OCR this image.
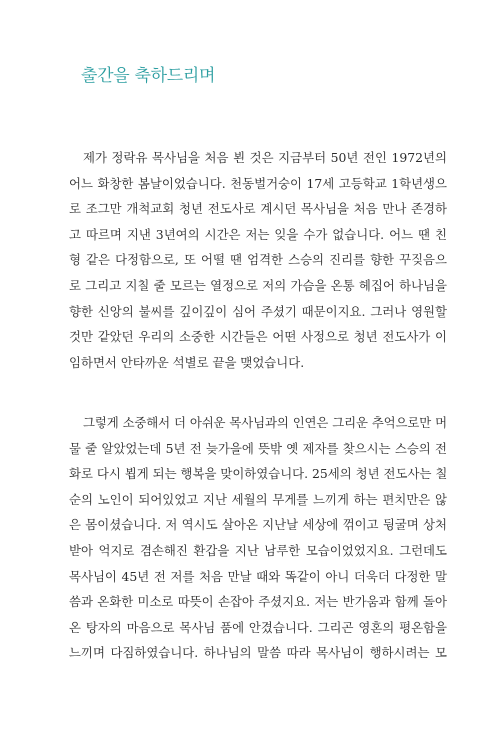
출간을 축하드리며
제가 정락유 목사님을 처음 뵌 것은 지금부터 50년 전인 1972년의
어느 화창한 봄날이었습니다. 천동벌거숭이 17세 고등학교 1학년생으
로 조그만 개척교회 청년 전도사로 계시던 목사님을 처음 만나 존경하
고 따르며 지낸 3년여의 시간은 저는 잊을 수가 없습니다. 어느 땐 친
형 같은 다정함으로, 또 어떨 땐 엄격한 스승의 진리를 향한 꾸짖음으
로 그리고 지칠 줄 모르는 열정으로 저의 가슴을 온통 헤집어 하나님을
향한 신앙의 불씨를 깊이깊이 심어 주셨기 때문이지요. 그러나 영원할
것만 같았던 우리의 소중한 시간들은 어떤 사정으로 청년 전도사가 이
임하면서 안타까운 석별로 끝을 맺었습니다.
그렇게 소중해서 더 아쉬운 목사님과의 인연은 그리운 추억으로만 머
물 줄 알았었는데 5년 전 늦가을에 뜻밖 옛 제자를 찾으시는 스승의 전
화로 다시 뵙게 되는 행복을 맞이하였습니다. 25세의 청년 전도사는 칠
순의 노인이 되어있었고 지난 세월의 무게를 느끼게 하는 편치만은 않
은 몸이셨습니다. 저 역시도 살아온 지난날 세상에 꺾이고 뒹굴며 상처
받아 억지로 겸손해진 환갑을 지난 남루한 모습이었었지요. 그런데도
목사님이 45년 전 저를 처음 만날 때와 똑같이 아니 더욱더 다정한 말
씀과 온화한 미소로 따뜻이 손잡아 주셨지요. 저는 반가움과 함께 돌아
온 탕자의 마음으로 목사님 품에 안겼습니다. 그리곤 영혼의 평온함을
느끼며 다짐하였습니다. 하나님의 말씀 따라 목사님이 행하시려는 모
